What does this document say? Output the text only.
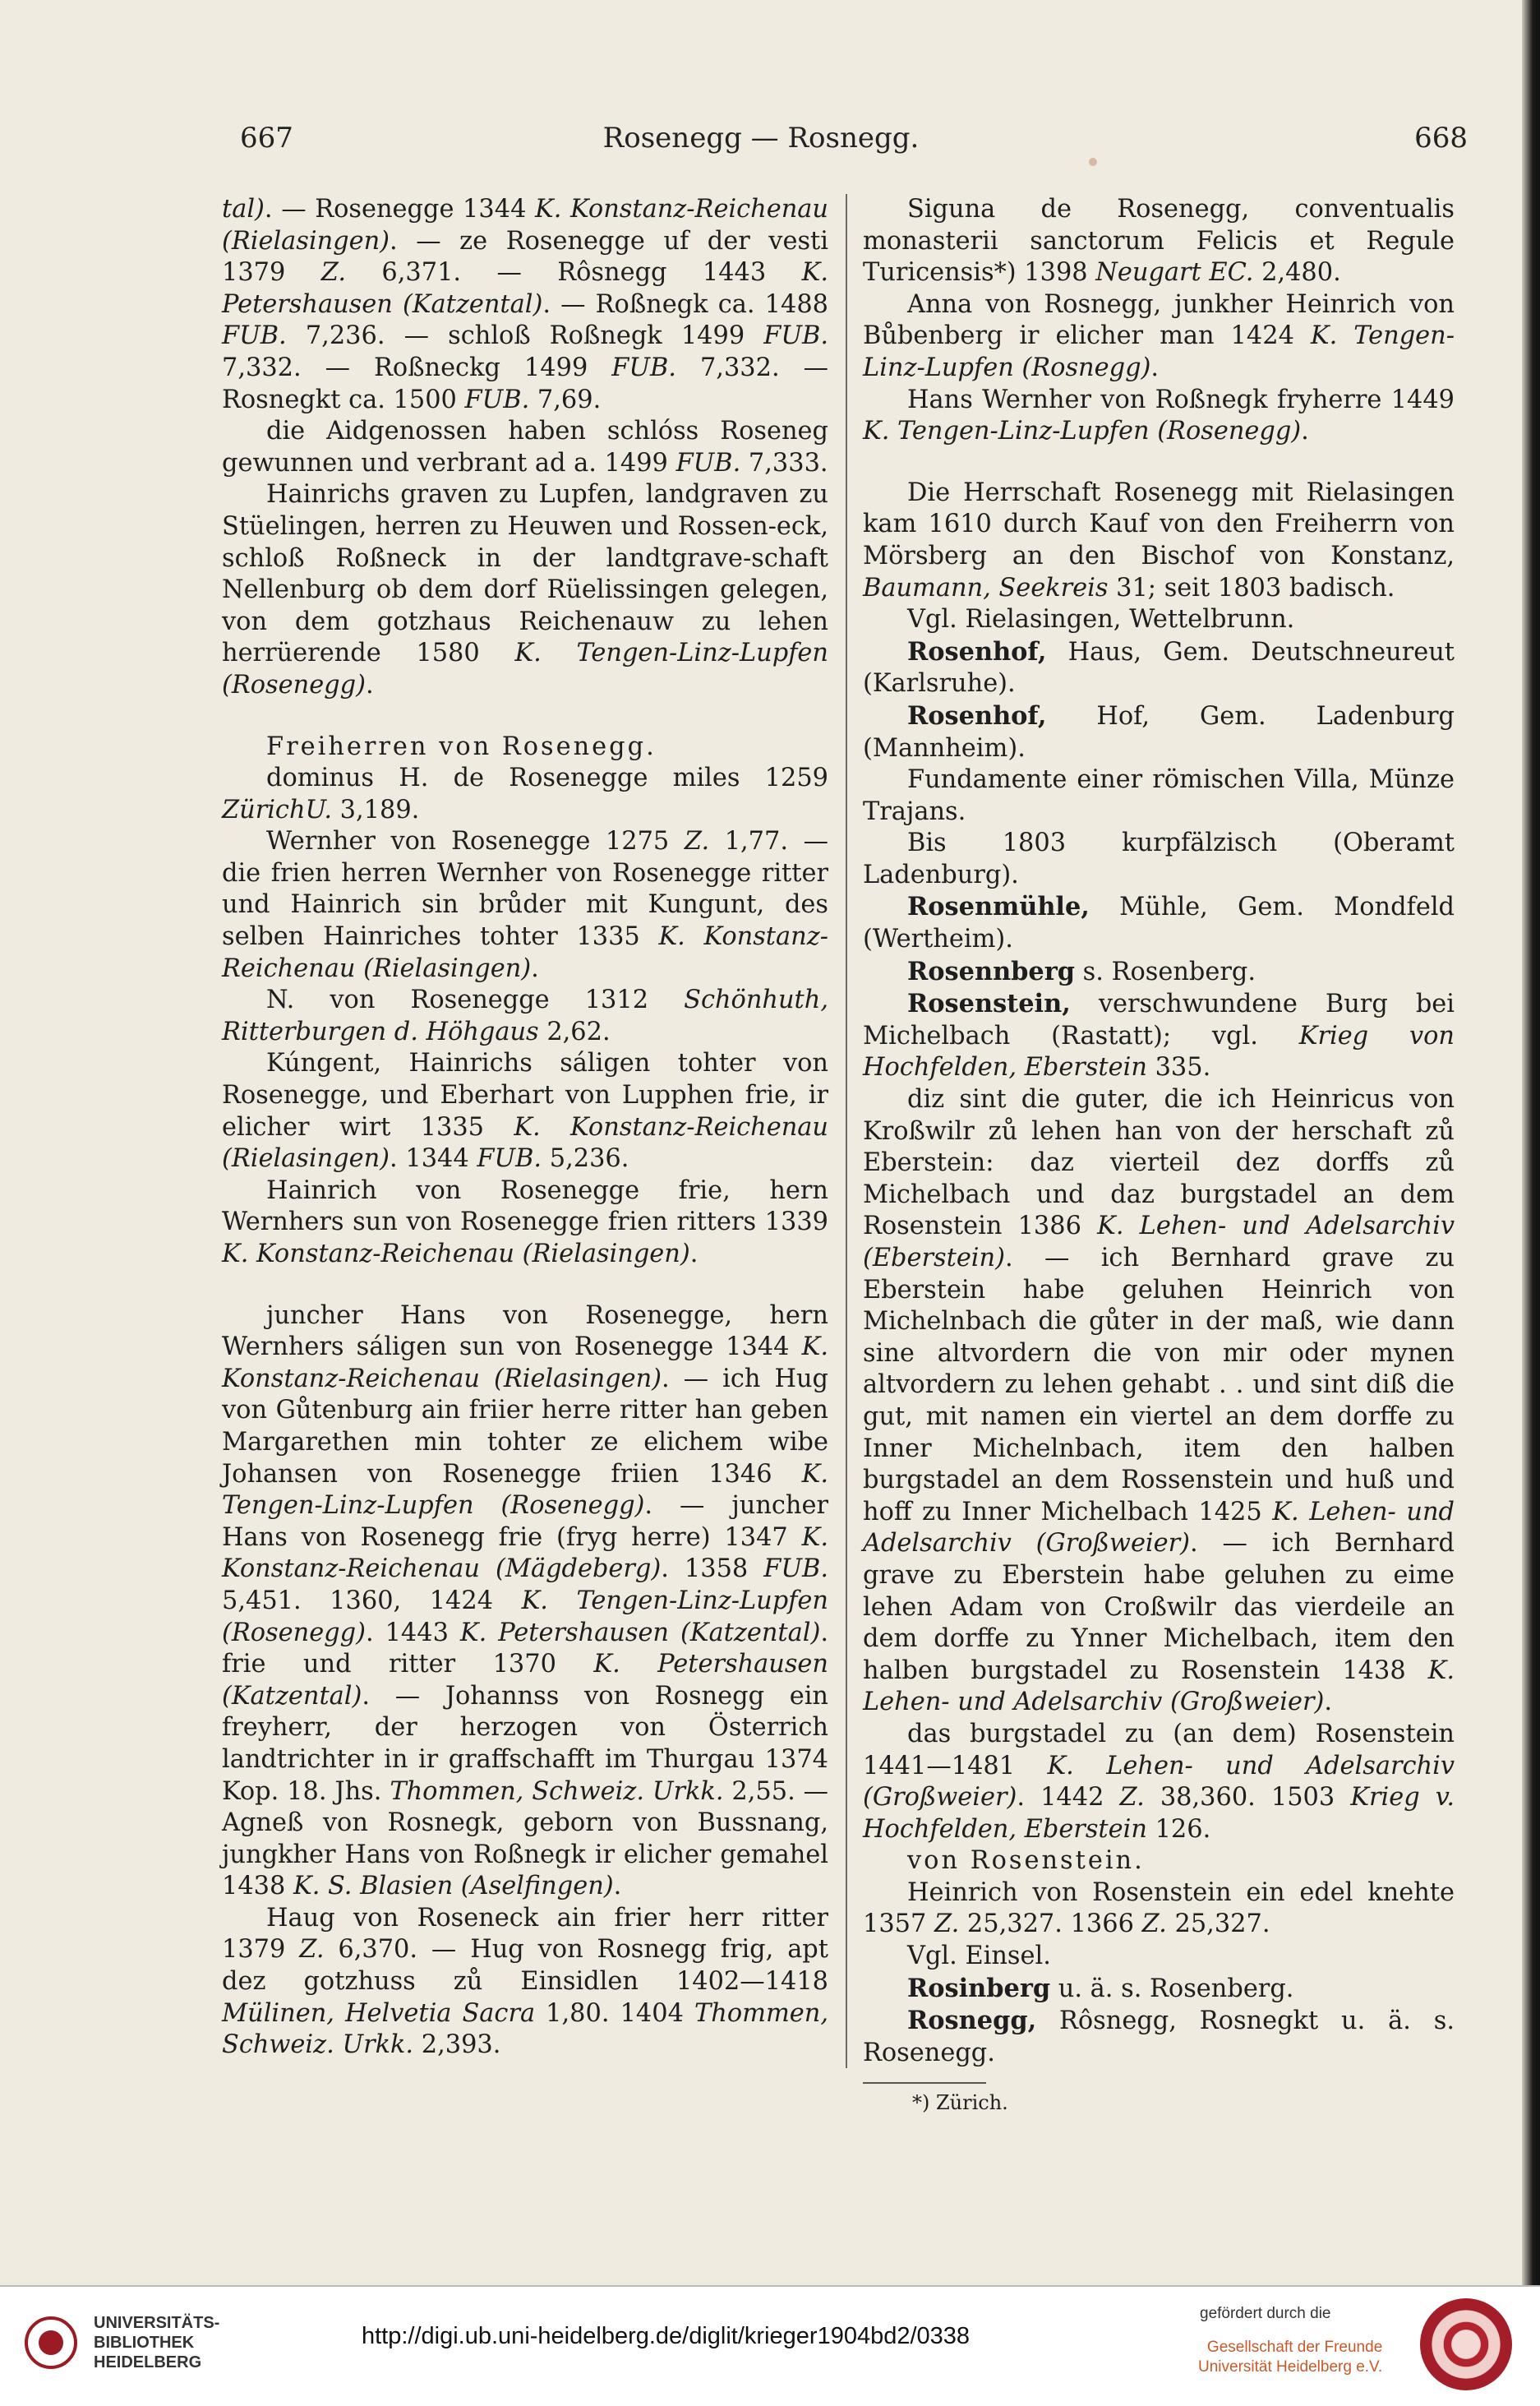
667	Rosenegg — Rosnegg.	668

tal). — Rosenegge 1344 K. Konstanz-Reichenau (Rielasingen). — ze Rosenegge uf der vesti 1379 Z. 6,371. — Rôsnegg 1443 K. Petershausen (Katzental). — Roßnegk ca. 1488 FUB. 7,236. — schloß Roßnegk 1499 FUB. 7,332. — Roßneckg 1499 FUB. 7,332. — Rosnegkt ca. 1500 FUB. 7,69.

die Aidgenossen haben schlóss Roseneg gewunnen und verbrant ad a. 1499 FUB. 7,333.

Hainrichs graven zu Lupfen, landgraven zu Stüelingen, herren zu Heuwen und Rossen-eck, schloß Roßneck in der landtgrave-schaft Nellenburg ob dem dorf Rüelissingen gelegen, von dem gotzhaus Reichenauw zu lehen herrüerende 1580 K. Tengen-Linz-Lupfen (Rosenegg).

Freiherren von Rosenegg.

dominus H. de Rosenegge miles 1259 ZürichU. 3,189.

Wernher von Rosenegge 1275 Z. 1,77. — die frien herren Wernher von Rosenegge ritter und Hainrich sin brůder mit Kungunt, des selben Hainriches tohter 1335 K. Konstanz-Reichenau (Rielasingen).

N. von Rosenegge 1312 Schönhuth, Ritterburgen d. Höhgaus 2,62.

Kúngent, Hainrichs sáligen tohter von Rosenegge, und Eberhart von Lupphen frie, ir elicher wirt 1335 K. Konstanz-Reichenau (Rielasingen). 1344 FUB. 5,236.

Hainrich von Rosenegge frie, hern Wernhers sun von Rosenegge frien ritters 1339 K. Konstanz-Reichenau (Rielasingen).

juncher Hans von Rosenegge, hern Wernhers sáligen sun von Rosenegge 1344 K. Konstanz-Reichenau (Rielasingen). — ich Hug von Gůtenburg ain friier herre ritter han geben Margarethen min tohter ze elichem wibe Johansen von Rosenegge friien 1346 K. Tengen-Linz-Lupfen (Rosenegg). — juncher Hans von Rosenegg frie (fryg herre) 1347 K. Konstanz-Reichenau (Mägdeberg). 1358 FUB. 5,451. 1360, 1424 K. Tengen-Linz-Lupfen (Rosenegg). 1443 K. Petershausen (Katzental). frie und ritter 1370 K. Petershausen (Katzental). — Johannss von Rosnegg ein freyherr, der herzogen von Österrich landtrichter in ir graffschafft im Thurgau 1374 Kop. 18. Jhs. Thommen, Schweiz. Urkk. 2,55. — Agneß von Rosnegk, geborn von Bussnang, jungkher Hans von Roßnegk ir elicher gemahel 1438 K. S. Blasien (Aselfingen).

Haug von Roseneck ain frier herr ritter 1379 Z. 6,370. — Hug von Rosnegg frig, apt dez gotzhuss zů Einsidlen 1402—1418 Mülinen, Helvetia Sacra 1,80. 1404 Thommen, Schweiz. Urkk. 2,393.

Siguna de Rosenegg, conventualis monasterii sanctorum Felicis et Regule Turicensis*) 1398 Neugart EC. 2,480.

Anna von Rosnegg, junkher Heinrich von Bůbenberg ir elicher man 1424 K. Tengen-Linz-Lupfen (Rosnegg).

Hans Wernher von Roßnegk fryherre 1449 K. Tengen-Linz-Lupfen (Rosenegg).

Die Herrschaft Rosenegg mit Rielasingen kam 1610 durch Kauf von den Freiherrn von Mörsberg an den Bischof von Konstanz, Baumann, Seekreis 31; seit 1803 badisch.

Vgl. Rielasingen, Wettelbrunn.

Rosenhof, Haus, Gem. Deutschneureut (Karlsruhe).

Rosenhof, Hof, Gem. Ladenburg (Mannheim).

Fundamente einer römischen Villa, Münze Trajans.

Bis 1803 kurpfälzisch (Oberamt Ladenburg).

Rosenmühle, Mühle, Gem. Mondfeld (Wertheim).

Rosennberg s. Rosenberg.

Rosenstein, verschwundene Burg bei Michelbach (Rastatt); vgl. Krieg von Hochfelden, Eberstein 335.

diz sint die guter, die ich Heinricus von Kroßwilr zů lehen han von der herschaft zů Eberstein: daz vierteil dez dorffs zů Michelbach und daz burgstadel an dem Rosenstein 1386 K. Lehen- und Adelsarchiv (Eberstein). — ich Bernhard grave zu Eberstein habe geluhen Heinrich von Michelnbach die gůter in der maß, wie dann sine altvordern die von mir oder mynen altvordern zu lehen gehabt . . und sint diß die gut, mit namen ein viertel an dem dorffe zu Inner Michelnbach, item den halben burgstadel an dem Rossenstein und huß und hoff zu Inner Michelbach 1425 K. Lehen- und Adelsarchiv (Großweier). — ich Bernhard grave zu Eberstein habe geluhen zu eime lehen Adam von Croßwilr das vierdeile an dem dorffe zu Ynner Michelbach, item den halben burgstadel zu Rosenstein 1438 K. Lehen- und Adelsarchiv (Großweier).

das burgstadel zu (an dem) Rosenstein 1441—1481 K. Lehen- und Adelsarchiv (Großweier). 1442 Z. 38,360. 1503 Krieg v. Hochfelden, Eberstein 126.

von Rosenstein.

Heinrich von Rosenstein ein edel knehte 1357 Z. 25,327. 1366 Z. 25,327.

Vgl. Einsel.

Rosinberg u. ä. s. Rosenberg.

Rosnegg, Rôsnegg, Rosnegkt u. ä. s. Rosenegg.

*) Zürich.
UNIVERSITÄTS-
BIBLIOTHEK
HEIDELBERG
http://digi.ub.uni-heidelberg.de/diglit/krieger1904bd2/0338
gefördert durch die
Gesellschaft der Freunde
Universität Heidelberg e.V.
